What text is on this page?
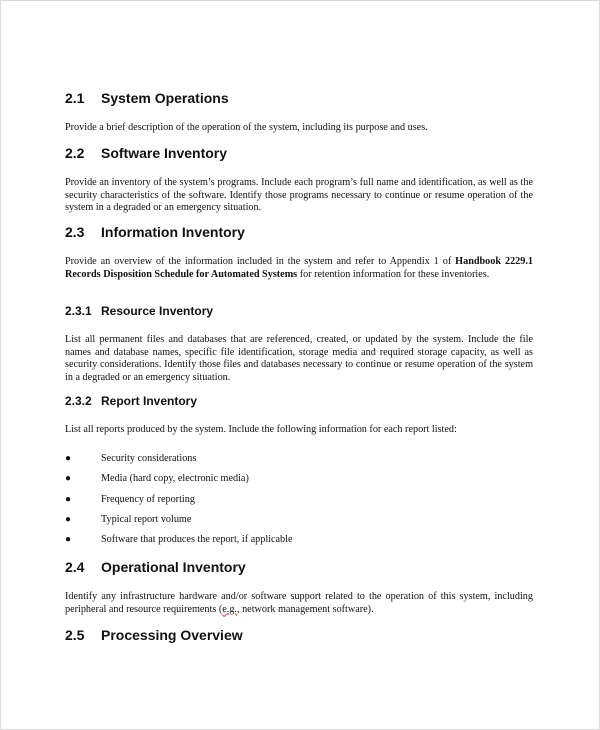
2.1 System Operations
Provide a brief description of the operation of the system, including its purpose and uses.
2.2 Software Inventory
Provide an inventory of the system’s programs. Include each program’s full name and identification, as well as the security characteristics of the software. Identify those programs necessary to continue or resume operation of the system in a degraded or an emergency situation.
2.3 Information Inventory
Provide an overview of the information included in the system and refer to Appendix 1 of Handbook 2229.1 Records Disposition Schedule for Automated Systems for retention information for these inventories.
2.3.1 Resource Inventory
List all permanent files and databases that are referenced, created, or updated by the system. Include the file names and database names, specific file identification, storage media and required storage capacity, as well as security considerations. Identify those files and databases necessary to continue or resume operation of the system in a degraded or an emergency situation.
2.3.2 Report Inventory
List all reports produced by the system. Include the following information for each report listed:
●	Security considerations
●	Media (hard copy, electronic media)
●	Frequency of reporting
●	Typical report volume
●	Software that produces the report, if applicable
2.4 Operational Inventory
Identify any infrastructure hardware and/or software support related to the operation of this system, including peripheral and resource requirements (e.g., network management software).
2.5 Processing Overview
